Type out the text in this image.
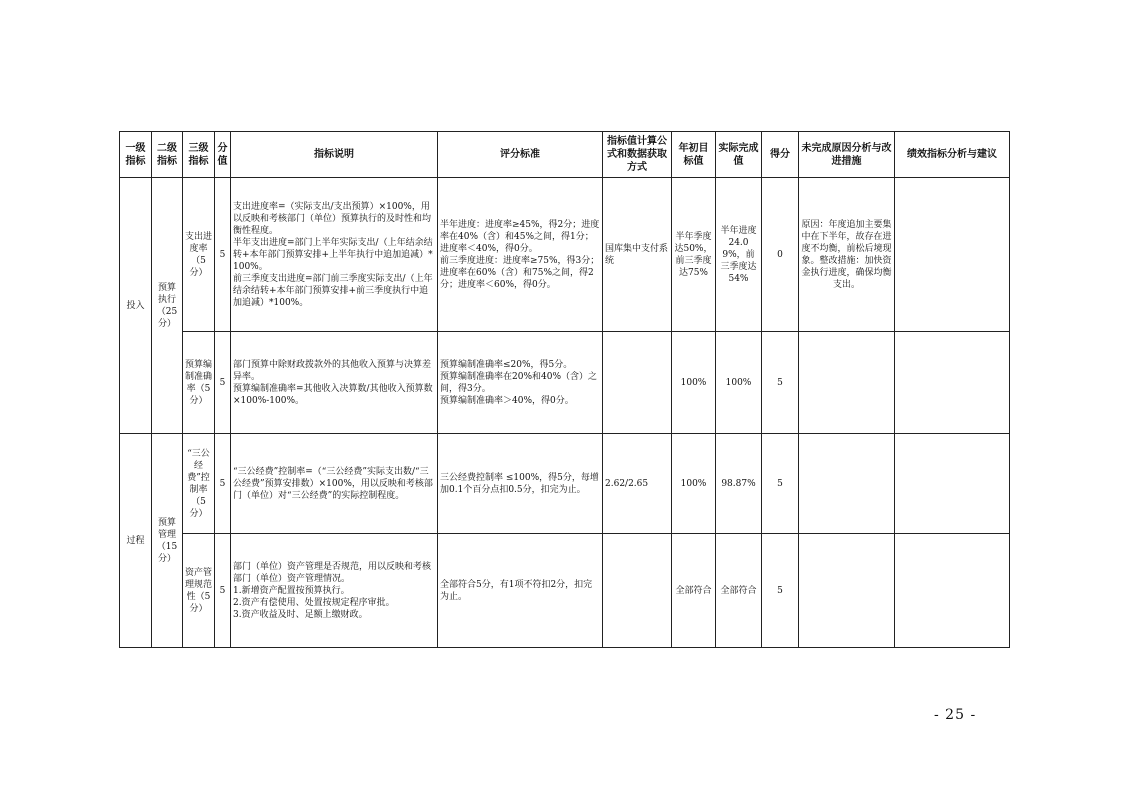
一级指标	二级指标	三级指标	分值	指标说明	评分标准	指标值计算公式和数据获取方式	年初目标值	实际完成值	得分	未完成原因分析与改进措施	绩效指标分析与建议
投入	预算执行（25分）	支出进度率（5分）	5	支出进度率=（实际支出/支出预算）×100%，用以反映和考核部门（单位）预算执行的及时性和均衡性程度。
半年支出进度=部门上半年实际支出/（上年结余结转+本年部门预算安排+上半年执行中追加追减）*100%。
前三季度支出进度=部门前三季度实际支出/（上年结余结转+本年部门预算安排+前三季度执行中追加追减）*100%。	半年进度：进度率≥45%，得2分；进度率在40%（含）和45%之间，得1分；进度率＜40%，得0分。
前三季度进度：进度率≥75%，得3分；进度率在60%（含）和75%之间，得2分；进度率＜60%，得0分。	国库集中支付系统	半年季度达50%，前三季度达75%	半年进度24.09%，前三季度达54%	0	原因：年度追加主要集中在下半年，故存在进度不均衡，前松后境现象。整改措施：加快资金执行进度，确保均衡支出。	
		预算编制准确率（5分）	5	部门预算中除财政拨款外的其他收入预算与决算差异率。
预算编制准确率=其他收入决算数/其他收入预算数×100%-100%。	预算编制准确率≤20%，得5分。
预算编制准确率在20%和40%（含）之间，得3分。
预算编制准确率＞40%，得0分。		100%	100%	5		
过程	预算管理（15分）	“三公经费”控制率（5分）	5	“三公经费”控制率=（“三公经费”实际支出数/“三公经费”预算安排数）×100%，用以反映和考核部门（单位）对“三公经费”的实际控制程度。	三公经费控制率 ≤100%，得5分，每增加0.1个百分点扣0.5分，扣完为止。	2.62/2.65	100%	98.87%	5		
		资产管理规范性（5分）	5	部门（单位）资产管理是否规范，用以反映和考核部门（单位）资产管理情况。
1.新增资产配置按预算执行。
2.资产有偿使用、处置按规定程序审批。
3.资产收益及时、足额上缴财政。	全部符合5分，有1项不符扣2分，扣完为止。		全部符合	全部符合	5		
- 25 -
